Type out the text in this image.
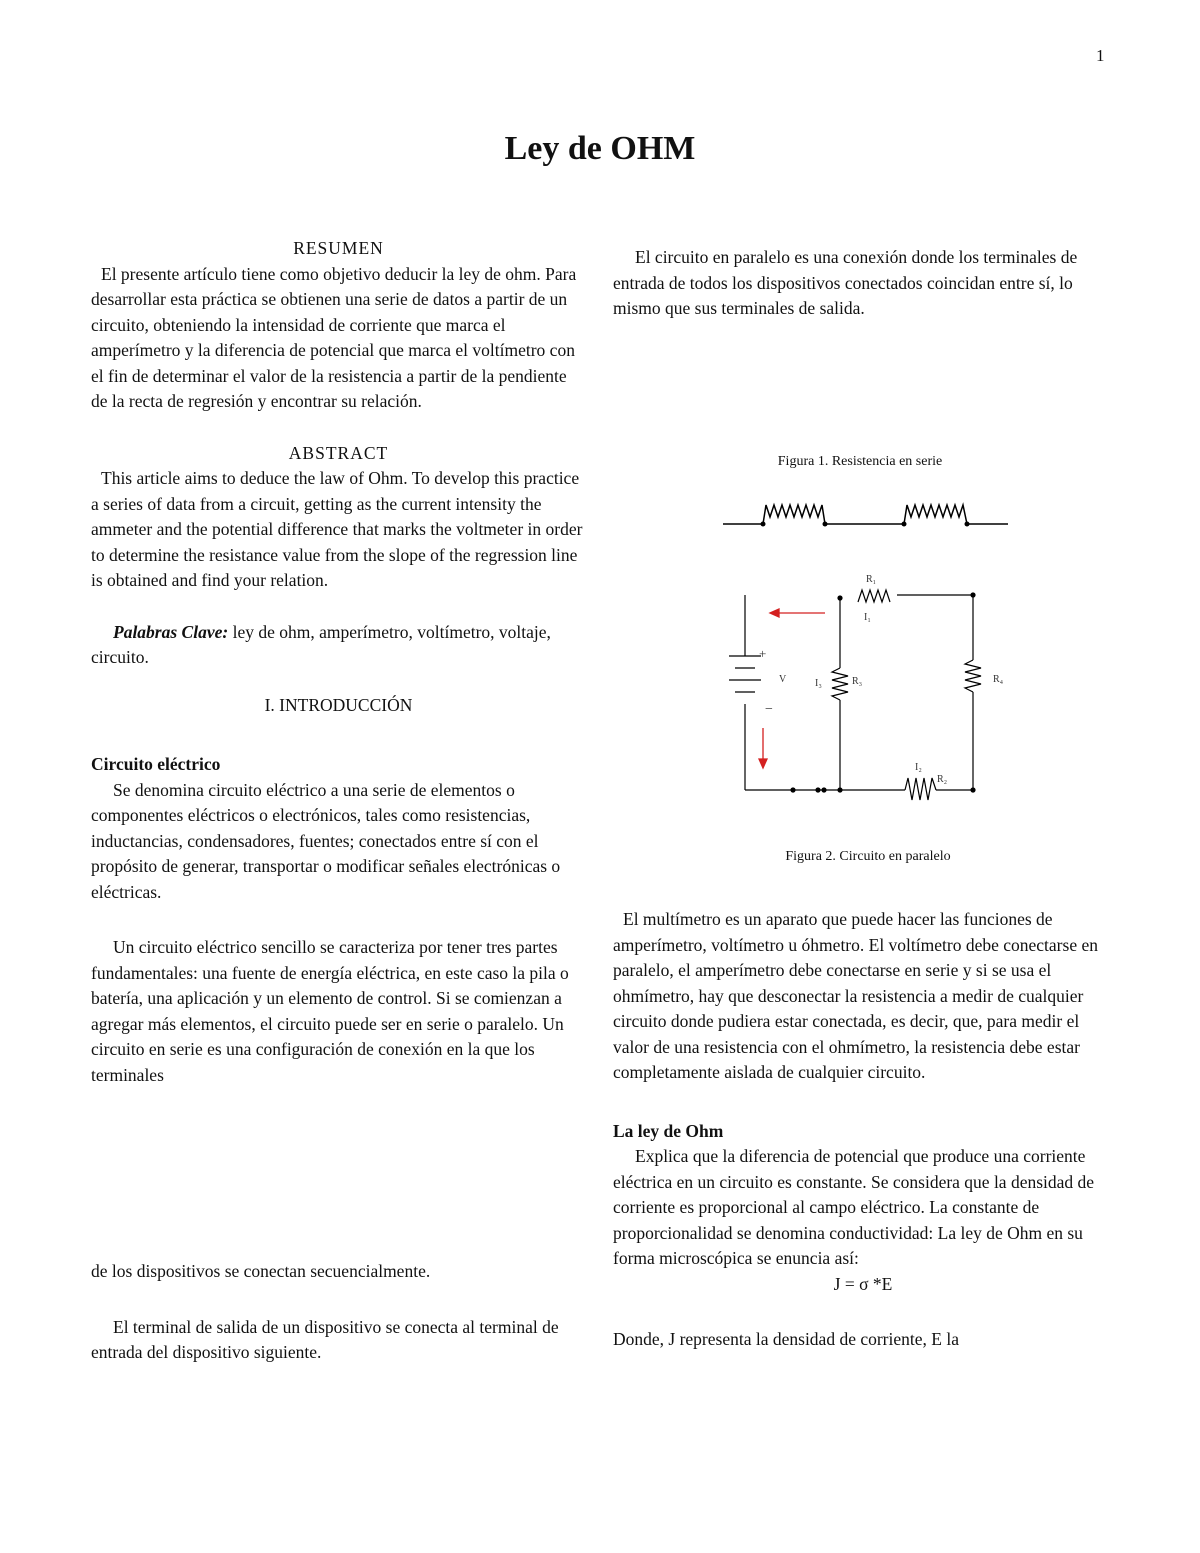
1
Ley de OHM

RESUMEN

El presente artículo tiene como objetivo deducir la ley de ohm. Para desarrollar esta práctica se obtienen una serie de datos a partir de un circuito, obteniendo la intensidad de corriente que marca el amperímetro y la diferencia de potencial que marca el voltímetro con el fin de determinar el valor de la resistencia a partir de la pendiente de la recta de regresión y encontrar su relación.

ABSTRACT

This article aims to deduce the law of Ohm. To develop this practice a series of data from a circuit, getting as the current intensity the ammeter and the potential difference that marks the voltmeter in order to determine the resistance value from the slope of the regression line is obtained and find your relation.

Palabras Clave: ley de ohm, amperímetro, voltímetro, voltaje, circuito.

I. INTRODUCCIÓN

Circuito eléctrico

Se denomina circuito eléctrico a una serie de elementos o componentes eléctricos o electrónicos, tales como resistencias, inductancias, condensadores, fuentes; conectados entre sí con el propósito de generar, transportar o modificar señales electrónicas o eléctricas.

Un circuito eléctrico sencillo se caracteriza por tener tres partes fundamentales: una fuente de energía eléctrica, en este caso la pila o batería, una aplicación y un elemento de control. Si se comienzan a agregar más elementos, el circuito puede ser en serie o paralelo. Un circuito en serie es una configuración de conexión en la que los terminales

de los dispositivos se conectan secuencialmente.

El terminal de salida de un dispositivo se conecta al terminal de entrada del dispositivo siguiente.

El circuito en paralelo es una conexión donde los terminales de entrada de todos los dispositivos conectados coincidan entre sí, lo mismo que sus terminales de salida.

Figura 1. Resistencia en serie
R₁
I₁
V
+
−
I₃	R₃	R₄
I₂
R₂
Figura 2. Circuito en paralelo

El multímetro es un aparato que puede hacer las funciones de amperímetro, voltímetro u óhmetro. El voltímetro debe conectarse en paralelo, el amperímetro debe conectarse en serie y si se usa el ohmímetro, hay que desconectar la resistencia a medir de cualquier circuito donde pudiera estar conectada, es decir, que, para medir el valor de una resistencia con el ohmímetro, la resistencia debe estar completamente aislada de cualquier circuito.

La ley de Ohm

Explica que la diferencia de potencial que produce una corriente eléctrica en un circuito es constante. Se considera que la densidad de corriente es proporcional al campo eléctrico. La constante de proporcionalidad se denomina conductividad: La ley de Ohm en su forma microscópica se enuncia así:

J = σ *E

Donde, J representa la densidad de corriente, E la
